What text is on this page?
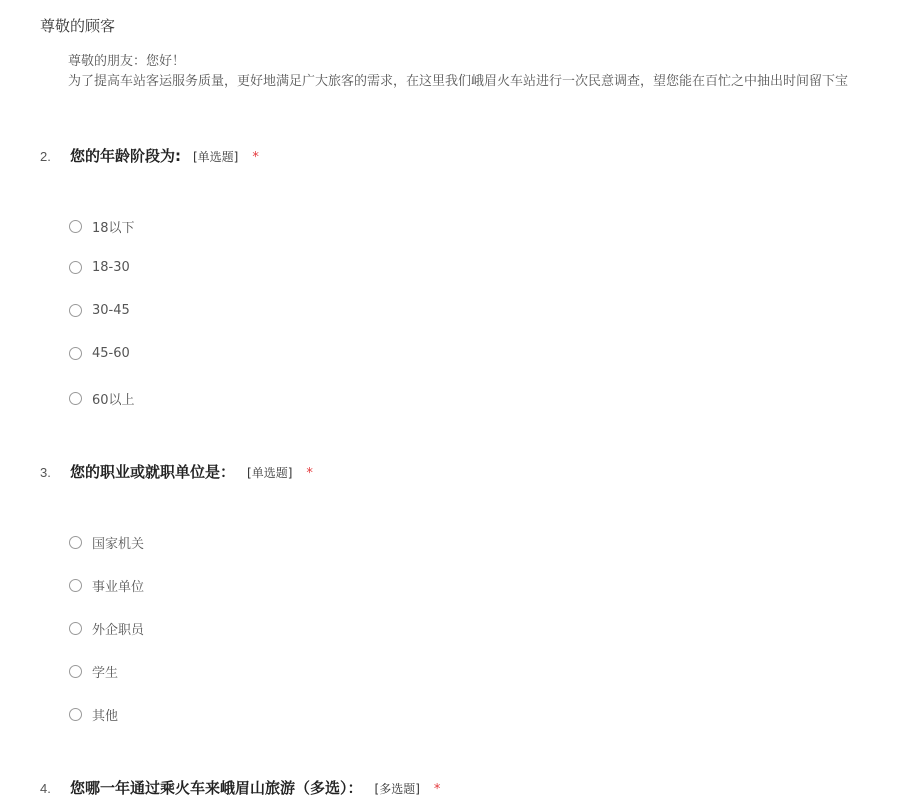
尊敬的顾客
尊敬的朋友：您好！
为了提高车站客运服务质量，更好地满足广大旅客的需求，在这里我们峨眉火车站进行一次民意调查，望您能在百忙之中抽出时间留下宝
2.	您的年龄阶段为: [单选题] *
18以下
18-30
30-45
45-60
60以上
3.	您的职业或就职单位是： [单选题] *
国家机关
事业单位
外企职员
学生
其他
4.	您哪一年通过乘火车来峨眉山旅游（多选）： [多选题] *
